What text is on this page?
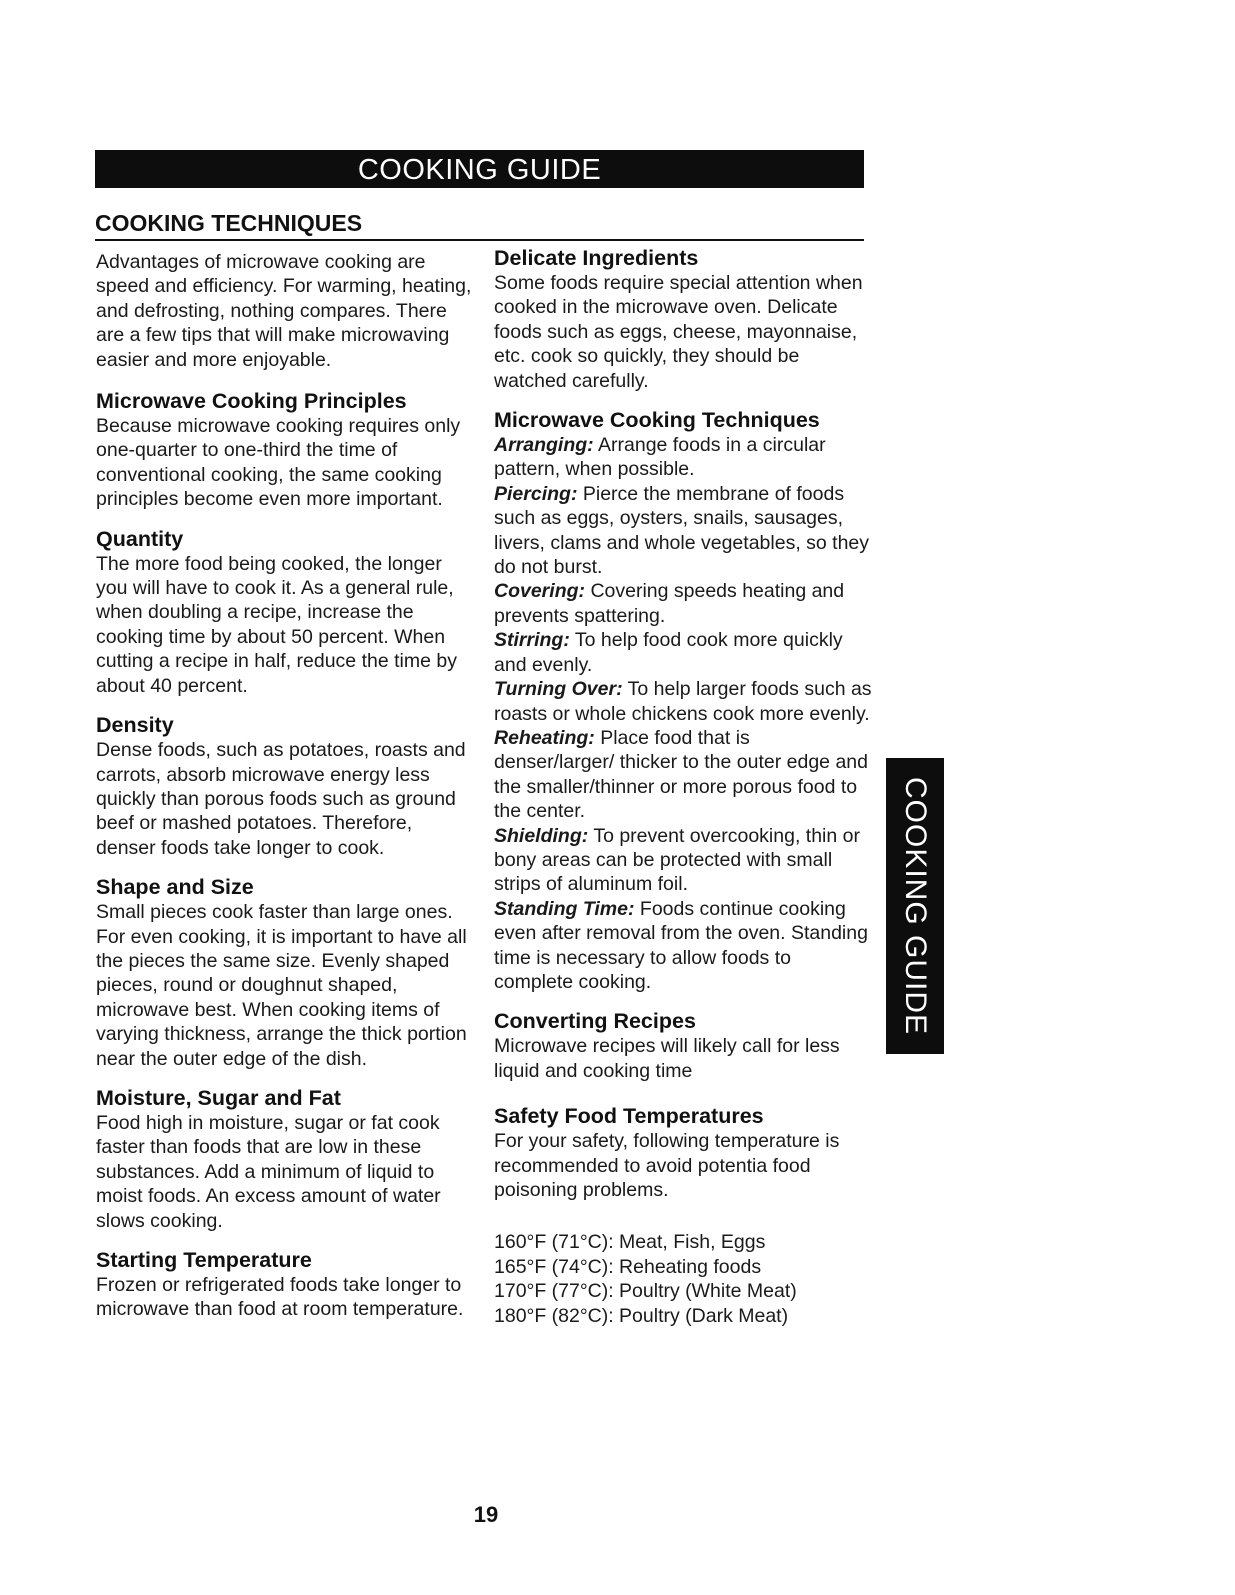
COOKING GUIDE
COOKING TECHNIQUES

Advantages of microwave cooking are speed and efficiency. For warming, heating, and defrosting, nothing compares. There are a few tips that will make microwaving easier and more enjoyable.

Microwave Cooking Principles

Because microwave cooking requires only one-quarter to one-third the time of conventional cooking, the same cooking principles become even more important.

Quantity

The more food being cooked, the longer you will have to cook it. As a general rule, when doubling a recipe, increase the cooking time by about 50 percent. When cutting a recipe in half, reduce the time by about 40 percent.

Density

Dense foods, such as potatoes, roasts and carrots, absorb microwave energy less quickly than porous foods such as ground beef or mashed potatoes. Therefore, denser foods take longer to cook.

Shape and Size

Small pieces cook faster than large ones. For even cooking, it is important to have all the pieces the same size. Evenly shaped pieces, round or doughnut shaped, microwave best. When cooking items of varying thickness, arrange the thick portion near the outer edge of the dish.

Moisture, Sugar and Fat

Food high in moisture, sugar or fat cook faster than foods that are low in these substances. Add a minimum of liquid to moist foods. An excess amount of water slows cooking.

Starting Temperature

Frozen or refrigerated foods take longer to microwave than food at room temperature.

Delicate Ingredients

Some foods require special attention when cooked in the microwave oven. Delicate foods such as eggs, cheese, mayonnaise, etc. cook so quickly, they should be watched carefully.

Microwave Cooking Techniques

Arranging: Arrange foods in a circular pattern, when possible.

Piercing: Pierce the membrane of foods such as eggs, oysters, snails, sausages, livers, clams and whole vegetables, so they do not burst.

Covering: Covering speeds heating and prevents spattering.

Stirring: To help food cook more quickly and evenly.

Turning Over: To help larger foods such as roasts or whole chickens cook more evenly.

Reheating: Place food that is denser/larger/ thicker to the outer edge and the smaller/thinner or more porous food to the center.

Shielding: To prevent overcooking, thin or bony areas can be protected with small strips of aluminum foil.

Standing Time: Foods continue cooking even after removal from the oven. Standing time is necessary to allow foods to complete cooking.

Converting Recipes

Microwave recipes will likely call for less liquid and cooking time

Safety Food Temperatures

For your safety, following temperature is recommended to avoid potentia food poisoning problems.

160°F (71°C): Meat, Fish, Eggs

165°F (74°C): Reheating foods

170°F (77°C): Poultry (White Meat)

180°F (82°C): Poultry (Dark Meat)

COOKING GUIDE
19
